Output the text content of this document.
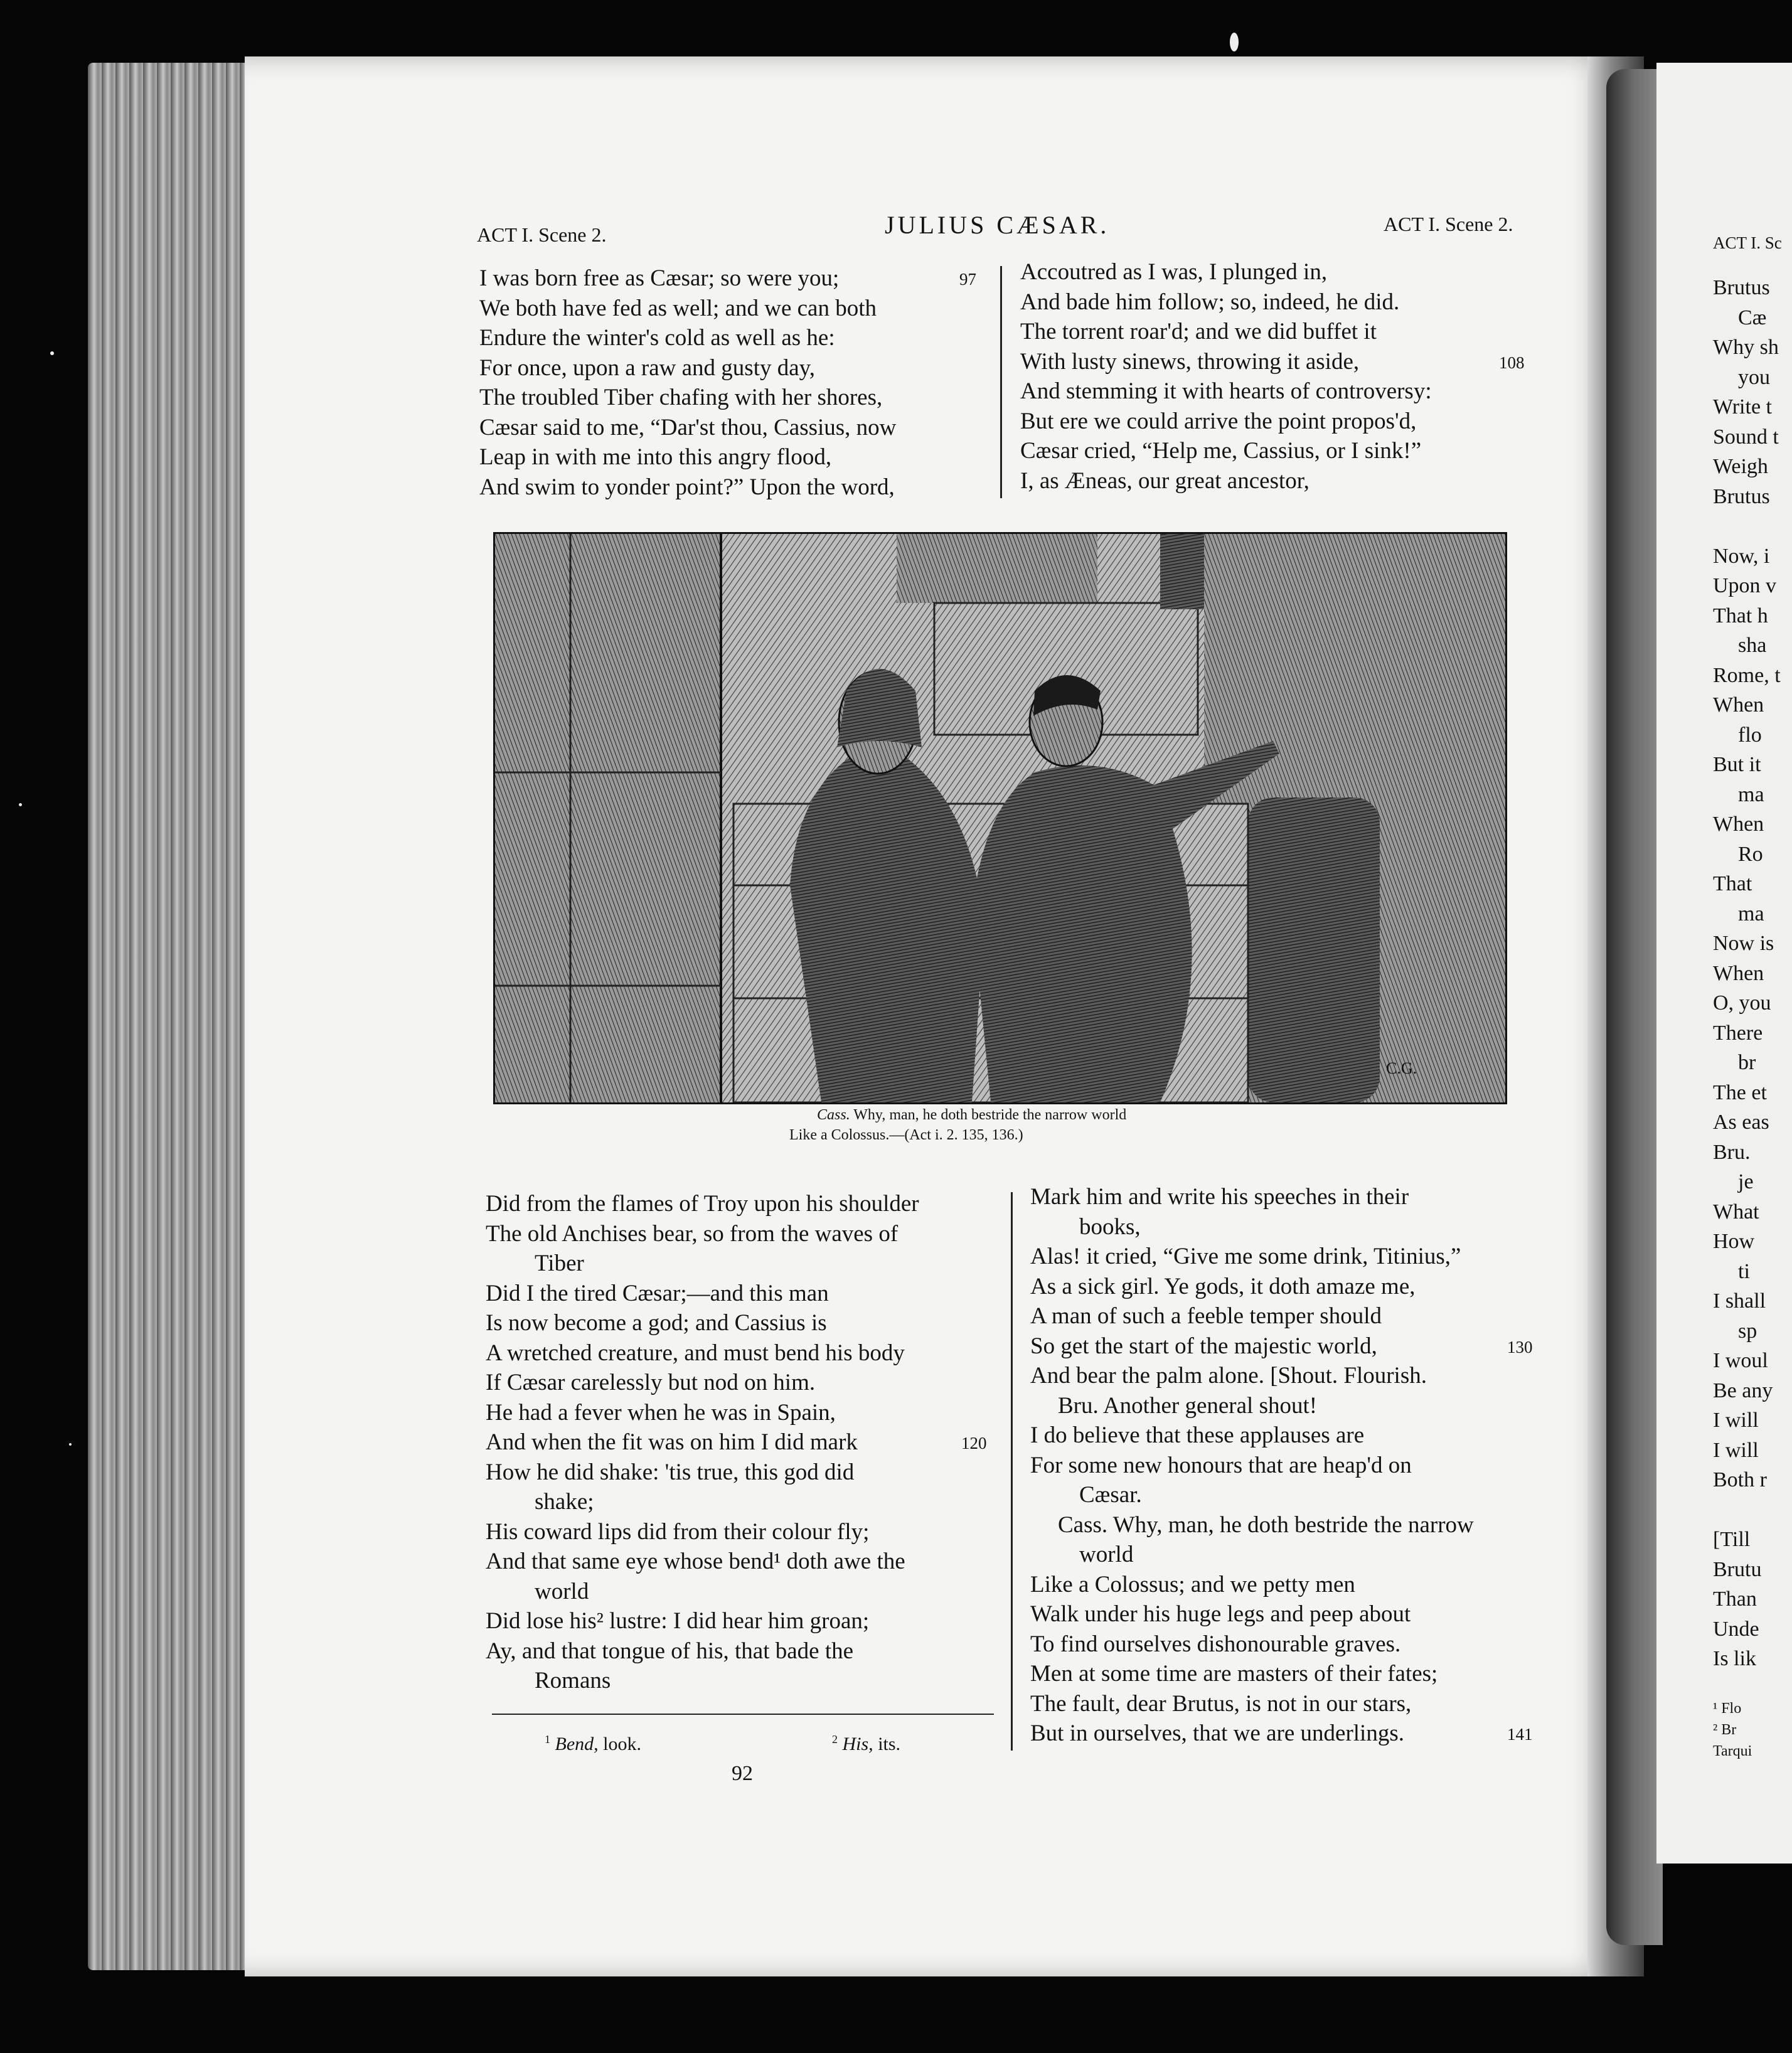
ACT I. Scene 2.	JULIUS CÆSAR.	ACT I. Scene 2.
I was born free as Cæsar; so were you;	97
We both have fed as well; and we can both
Endure the winter's cold as well as he:
For once, upon a raw and gusty day,
The troubled Tiber chafing with her shores,
Cæsar said to me, “Dar'st thou, Cassius, now
Leap in with me into this angry flood,
And swim to yonder point?” Upon the word,
Accoutred as I was, I plunged in,
And bade him follow; so, indeed, he did.
The torrent roar'd; and we did buffet it
With lusty sinews, throwing it aside,	108
And stemming it with hearts of controversy:
But ere we could arrive the point propos'd,
Cæsar cried, “Help me, Cassius, or I sink!”
I, as Æneas, our great ancestor,
C.G.
Cass. Why, man, he doth bestride the narrow world
Like a Colossus.—(Act i. 2. 135, 136.)
Did from the flames of Troy upon his shoulder
The old Anchises bear, so from the waves of
Tiber
Did I the tired Cæsar;—and this man
Is now become a god; and Cassius is
A wretched creature, and must bend his body
If Cæsar carelessly but nod on him.
He had a fever when he was in Spain,
And when the fit was on him I did mark	120
How he did shake: 'tis true, this god did
shake;
His coward lips did from their colour fly;
And that same eye whose bend¹ doth awe the
world
Did lose his² lustre: I did hear him groan;
Ay, and that tongue of his, that bade the
Romans
Mark him and write his speeches in their
books,
Alas! it cried, “Give me some drink, Titinius,”
As a sick girl. Ye gods, it doth amaze me,
A man of such a feeble temper should
So get the start of the majestic world,	130
And bear the palm alone. [Shout. Flourish.
Bru. Another general shout!
I do believe that these applauses are
For some new honours that are heap'd on
Cæsar.
Cass. Why, man, he doth bestride the narrow
world
Like a Colossus; and we petty men
Walk under his huge legs and peep about
To find ourselves dishonourable graves.
Men at some time are masters of their fates;
The fault, dear Brutus, is not in our stars,
But in ourselves, that we are underlings.	141
$^1$ Bend, look.	$^2$ His, its.
92
ACT I. Sc
Brutus
Cæ
Why sh
you
Write t
Sound t
Weigh
Brutus
Now, i
Upon v
That h
sha
Rome, t
When
flo
But it
ma
When
Ro
That
ma
Now is
When
O, you
There
br
The et
As eas
Bru.
je
What
How
ti
I shall
sp
I woul
Be any
I will
I will
Both r
[Till
Brutu
Than
Unde
Is lik
¹ Flo
² Br
Tarqui
